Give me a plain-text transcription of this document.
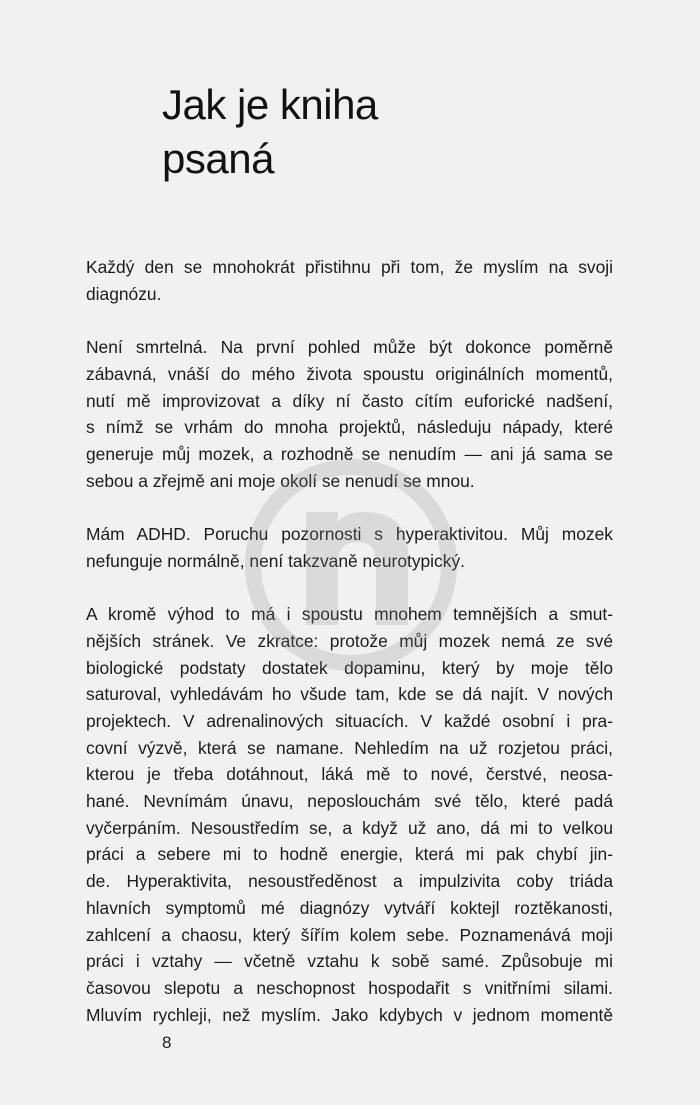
Jak je kniha
psaná

Každý den se mnohokrát přistihnu při tom, že myslím na svoji
diagnózu.

Není smrtelná. Na první pohled může být dokonce poměrně
zábavná, vnáší do mého života spoustu originálních momentů,
nutí mě improvizovat a díky ní často cítím euforické nadšení,
s nímž se vrhám do mnoha projektů, následuju nápady, které
generuje můj mozek, a rozhodně se nenudím — ani já sama se
sebou a zřejmě ani moje okolí se nenudí se mnou.

Mám ADHD. Poruchu pozornosti s hyperaktivitou. Můj mozek
nefunguje normálně, není takzvaně neurotypický.

A kromě výhod to má i spoustu mnohem temnějších a smut-
nějších stránek. Ve zkratce: protože můj mozek nemá ze své
biologické podstaty dostatek dopaminu, který by moje tělo
saturoval, vyhledávám ho všude tam, kde se dá najít. V nových
projektech. V adrenalinových situacích. V každé osobní i pra-
covní výzvě, která se namane. Nehledím na už rozjetou práci,
kterou je třeba dotáhnout, láká mě to nové, čerstvé, neosa-
hané. Nevnímám únavu, neposlouchám své tělo, které padá
vyčerpáním. Nesoustředím se, a když už ano, dá mi to velkou
práci a sebere mi to hodně energie, která mi pak chybí jin-
de. Hyperaktivita, nesoustředěnost a impulzivita coby triáda
hlavních symptomů mé diagnózy vytváří koktejl roztěkanosti,
zahlcení a chaosu, který šířím kolem sebe. Poznamenává moji
práci i vztahy — včetně vztahu k sobě samé. Způsobuje mi
časovou slepotu a neschopnost hospodařit s vnitřními silami.
Mluvím rychleji, než myslím. Jako kdybych v jednom momentě

8
